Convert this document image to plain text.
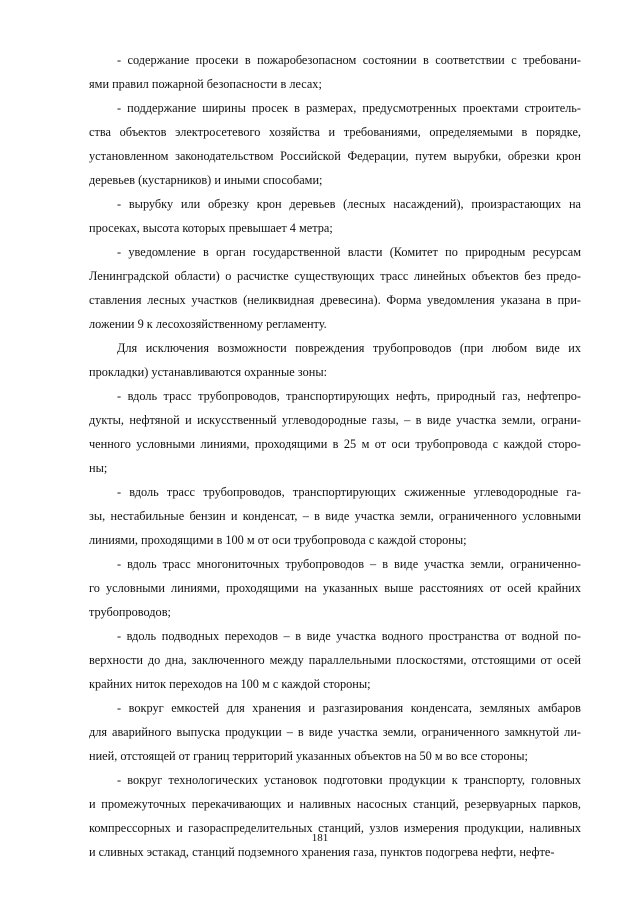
- содержание просеки в пожаробезопасном состоянии в соответствии с требовани-
ями правил пожарной безопасности в лесах;
- поддержание ширины просек в размерах, предусмотренных проектами строитель-
ства объектов электросетевого хозяйства и требованиями, определяемыми в порядке,
установленном законодательством Российской Федерации, путем вырубки, обрезки крон
деревьев (кустарников) и иными способами;
- вырубку или обрезку крон деревьев (лесных насаждений), произрастающих на
просеках, высота которых превышает 4 метра;
- уведомление в орган государственной власти (Комитет по природным ресурсам
Ленинградской области) о расчистке существующих трасс линейных объектов без предо-
ставления лесных участков (неликвидная древесина). Форма уведомления указана в при-
ложении 9 к лесохозяйственному регламенту.
Для исключения возможности повреждения трубопроводов (при любом виде их
прокладки) устанавливаются охранные зоны:
- вдоль трасс трубопроводов, транспортирующих нефть, природный газ, нефтепро-
дукты, нефтяной и искусственный углеводородные газы, – в виде участка земли, ограни-
ченного условными линиями, проходящими в 25 м от оси трубопровода с каждой сторо-
ны;
- вдоль трасс трубопроводов, транспортирующих сжиженные углеводородные га-
зы, нестабильные бензин и конденсат, – в виде участка земли, ограниченного условными
линиями, проходящими в 100 м от оси трубопровода с каждой стороны;
- вдоль трасс многониточных трубопроводов – в виде участка земли, ограниченно-
го условными линиями, проходящими на указанных выше расстояниях от осей крайних
трубопроводов;
- вдоль подводных переходов – в виде участка водного пространства от водной по-
верхности до дна, заключенного между параллельными плоскостями, отстоящими от осей
крайних ниток переходов на 100 м с каждой стороны;
- вокруг емкостей для хранения и разгазирования конденсата, земляных амбаров
для аварийного выпуска продукции – в виде участка земли, ограниченного замкнутой ли-
нией, отстоящей от границ территорий указанных объектов на 50 м во все стороны;
- вокруг технологических установок подготовки продукции к транспорту, головных
и промежуточных перекачивающих и наливных насосных станций, резервуарных парков,
компрессорных и газораспределительных станций, узлов измерения продукции, наливных
и сливных эстакад, станций подземного хранения газа, пунктов подогрева нефти, нефте-
181
